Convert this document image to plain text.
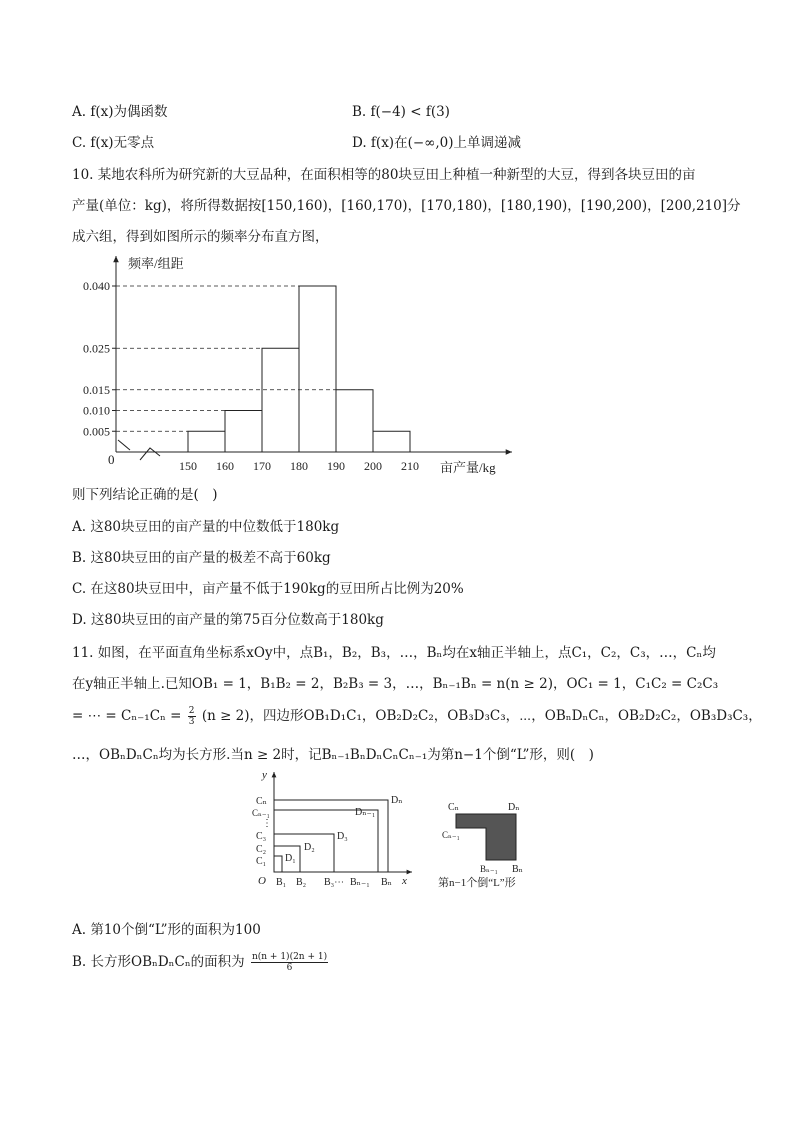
A. f(x)为偶函数	B. f(−4) < f(3)
C. f(x)无零点	D. f(x)在(−∞,0)上单调递减
10. 某地农科所为研究新的大豆品种，在面积相等的80块豆田上种植一种新型的大豆，得到各块豆田的亩
产量(单位：kg)，将所得数据按[150,160)，[160,170)，[170,180)，[180,190)，[190,200)，[200,210]分
成六组，得到如图所示的频率分布直方图，
频率/组距
亩产量/kg
0
0.005
0.010
0.015
0.025
0.040
150 160 170 180 190 200 210
则下列结论正确的是(　)
A. 这80块豆田的亩产量的中位数低于180kg
B. 这80块豆田的亩产量的极差不高于60kg
C. 在这80块豆田中，亩产量不低于190kg的豆田所占比例为20%
D. 这80块豆田的亩产量的第75百分位数高于180kg
11. 如图，在平面直角坐标系xOy中，点B₁，B₂，B₃，…，Bₙ均在x轴正半轴上，点C₁，C₂，C₃，…，Cₙ均
在y轴正半轴上.已知OB₁ = 1，B₁B₂ = 2，B₂B₃ = 3，…，Bₙ₋₁Bₙ = n(n ≥ 2)，OC₁ = 1，C₁C₂ = C₂C₃
= ⋯ = $C_{n-1}C_n = \frac{2}{3} (n \ge 2)$，四边形OB₁D₁C₁，OB₂D₂C₂，OB₃D₃C₃，⋯，OBₙDₙCₙ，OB₂D₂C₂，OB₃D₃C₃，
…，OBₙDₙCₙ均为长方形.当n ≥ 2时，记Bₙ₋₁BₙDₙCₙCₙ₋₁为第n−1个倒“L”形，则(　)
y
x
O B₁ B₂ B₃⋯ Bₙ₋₁ Bₙ
Cₙ
Cₙ₋₁
⋮
C₃
C₂
C₁ D₁
D₂
D₃
Dₙ₋₁
Dₙ
Cₙ	Dₙ
Cₙ₋₁
Bₙ₋₁ Bₙ
第n−1个倒“L”形
A. 第10个倒“L”形的面积为100
B. 长方形OBₙDₙCₙ的面积为 $\frac{n(n + 1)(2n + 1)}{6}$
